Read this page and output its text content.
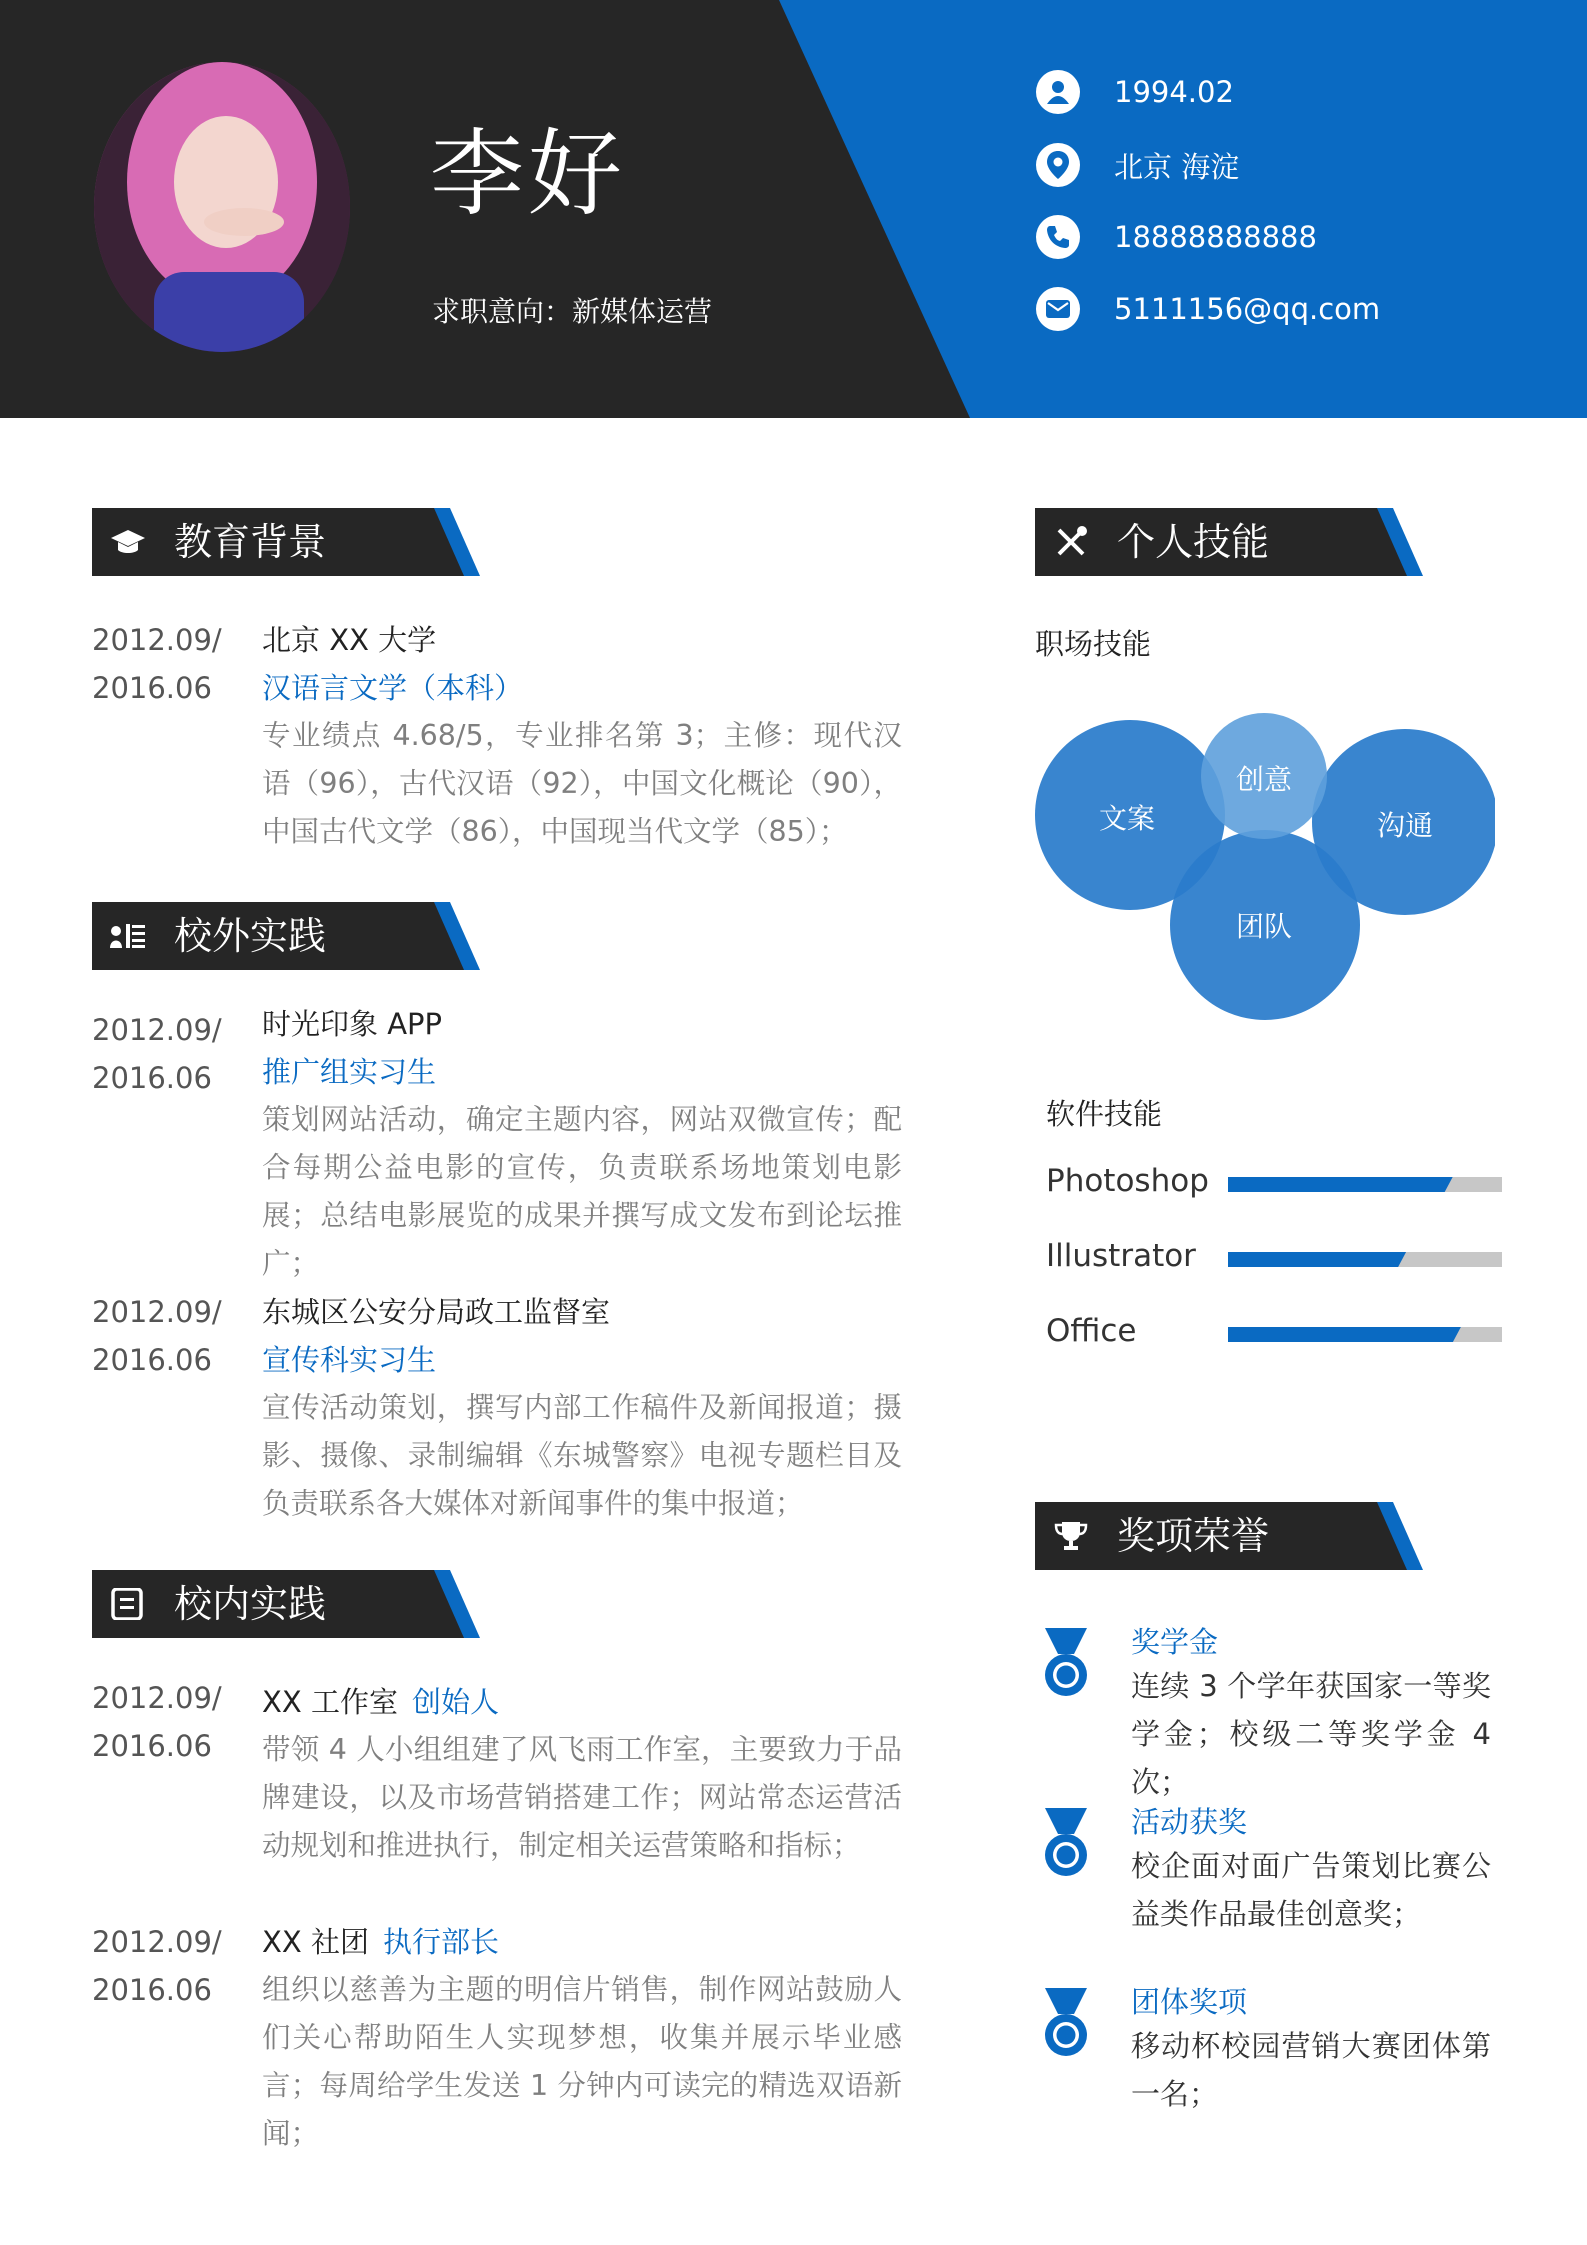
李好
求职意向：新媒体运营
1994.02
北京 海淀
18888888888
5111156@qq.com
教育背景
2012.09/
2016.06
北京 XX 大学
汉语言文学（本科）
专业绩点 4.68/5，专业排名第 3；主修：现代汉语（96），古代汉语（92），中国文化概论（90），中国古代文学（86），中国现当代文学（85）；
校外实践
2012.09/
2016.06
时光印象 APP
推广组实习生
策划网站活动，确定主题内容，网站双微宣传；配合每期公益电影的宣传，负责联系场地策划电影展；总结电影展览的成果并撰写成文发布到论坛推广；
2012.09/
2016.06
东城区公安分局政工监督室
宣传科实习生
宣传活动策划，撰写内部工作稿件及新闻报道；摄影、摄像、录制编辑《东城警察》电视专题栏目及负责联系各大媒体对新闻事件的集中报道；
校内实践
2012.09/
2016.06
XX 工作室 创始人
带领 4 人小组组建了风飞雨工作室，主要致力于品牌建设，以及市场营销搭建工作；网站常态运营活动规划和推进执行，制定相关运营策略和指标；
2012.09/
2016.06
XX 社团 执行部长
组织以慈善为主题的明信片销售，制作网站鼓励人们关心帮助陌生人实现梦想，收集并展示毕业感言；每周给学生发送 1 分钟内可读完的精选双语新闻；
个人技能
职场技能
文案
创意
沟通
团队
软件技能
Photoshop
Illustrator
Office
奖项荣誉
奖学金
连续 3 个学年获国家一等奖学金；校级二等奖学金 4 次；
活动获奖
校企面对面广告策划比赛公益类作品最佳创意奖；
团体奖项
移动杯校园营销大赛团体第一名；
